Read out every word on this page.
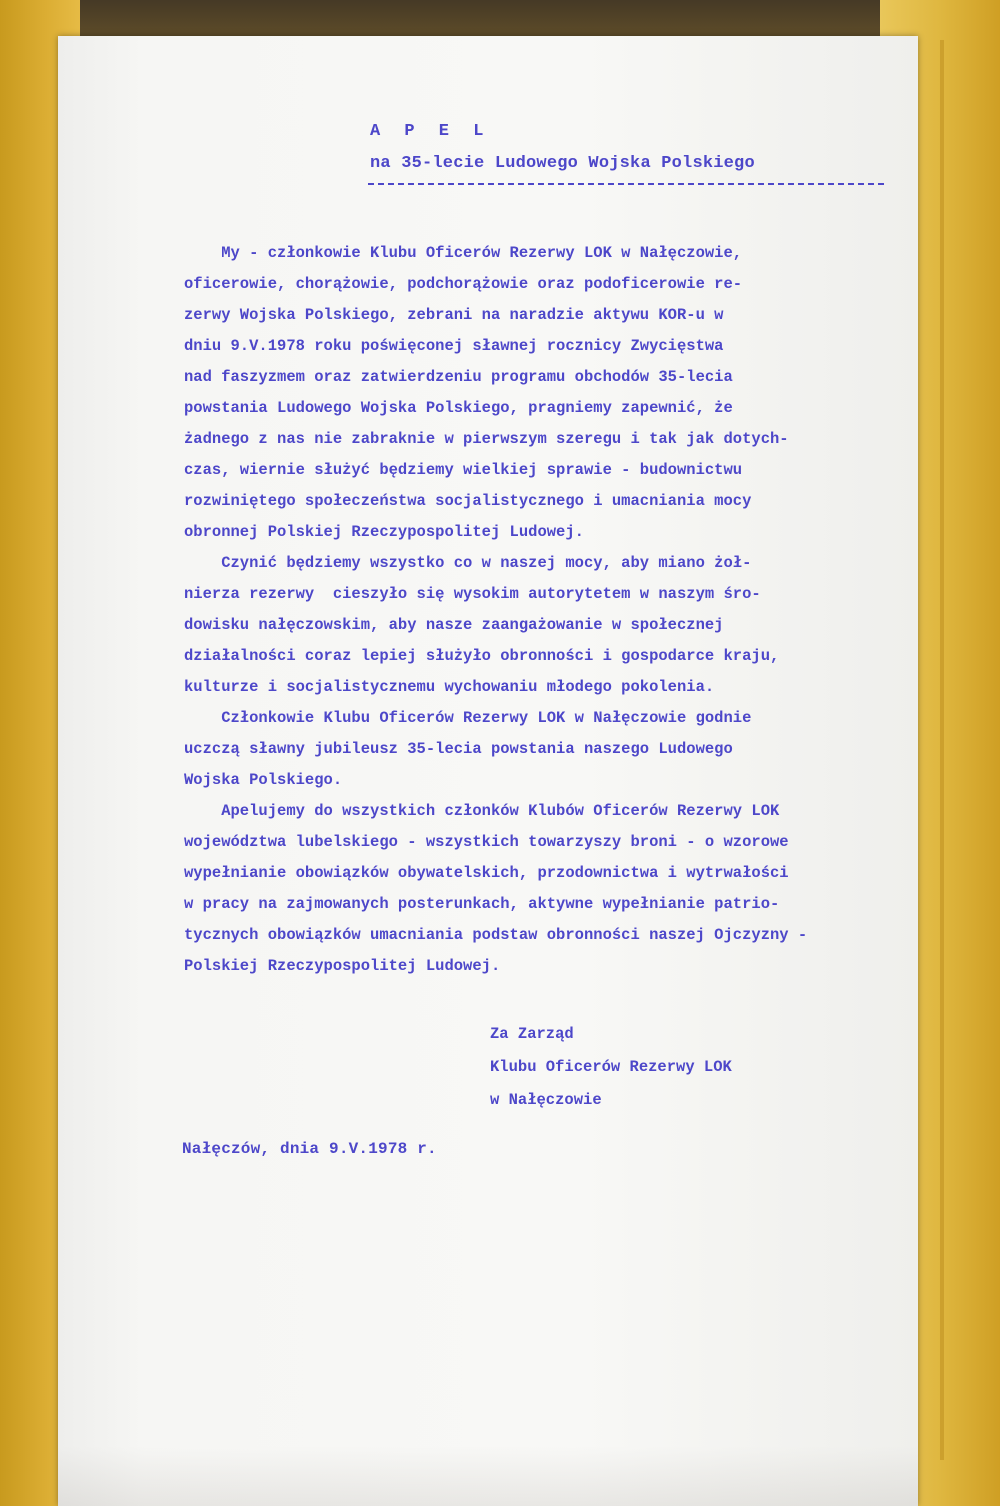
A P E L
na 35-lecie Ludowego Wojska Polskiego
My - członkowie Klubu Oficerów Rezerwy LOK w Nałęczowie,
oficerowie, chorążowie, podchorążowie oraz podoficerowie re-
zerwy Wojska Polskiego, zebrani na naradzie aktywu KOR-u w
dniu 9.V.1978 roku poświęconej sławnej rocznicy Zwycięstwa
nad faszyzmem oraz zatwierdzeniu programu obchodów 35-lecia
powstania Ludowego Wojska Polskiego, pragniemy zapewnić, że
żadnego z nas nie zabraknie w pierwszym szeregu i tak jak dotych-
czas, wiernie służyć będziemy wielkiej sprawie - budownictwu
rozwiniętego społeczeństwa socjalistycznego i umacniania mocy
obronnej Polskiej Rzeczypospolitej Ludowej.
Czynić będziemy wszystko co w naszej mocy, aby miano żoł-
nierza rezerwy  cieszyło się wysokim autorytetem w naszym śro-
dowisku nałęczowskim, aby nasze zaangażowanie w społecznej
działalności coraz lepiej służyło obronności i gospodarce kraju,
kulturze i socjalistycznemu wychowaniu młodego pokolenia.
Członkowie Klubu Oficerów Rezerwy LOK w Nałęczowie godnie
uczczą sławny jubileusz 35-lecia powstania naszego Ludowego
Wojska Polskiego.
Apelujemy do wszystkich członków Klubów Oficerów Rezerwy LOK
województwa lubelskiego - wszystkich towarzyszy broni - o wzorowe
wypełnianie obowiązków obywatelskich, przodownictwa i wytrwałości
w pracy na zajmowanych posterunkach, aktywne wypełnianie patrio-
tycznych obowiązków umacniania podstaw obronności naszej Ojczyzny -
Polskiej Rzeczypospolitej Ludowej.
Za Zarząd
Klubu Oficerów Rezerwy LOK
w Nałęczowie
Nałęczów, dnia 9.V.1978 r.
